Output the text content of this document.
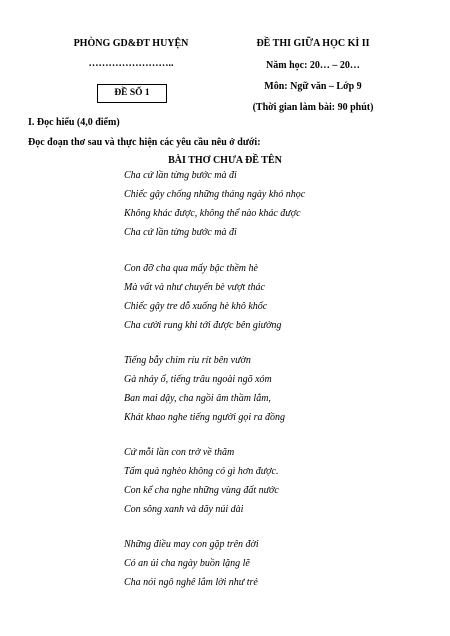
PHÒNG GD&ĐT HUYỆN
……………………..
ĐỀ SỐ 1
ĐỀ THI GIỮA HỌC KÌ II
Năm học: 20… – 20…
Môn: Ngữ văn – Lớp 9
(Thời gian làm bài: 90 phút)
I. Đọc hiểu (4,0 điểm)
Đọc đoạn thơ sau và thực hiện các yêu cầu nêu ở dưới:
BÀI THƠ CHƯA ĐỀ TÊN
Cha cứ lần từng bước mà đi
Chiếc gậy chống những tháng ngày khó nhọc
Không khác được, không thể nào khác được
Cha cứ lần từng bước mà đi
Con đỡ cha qua mấy bậc thềm hè
Mà vất và như chuyến bè vượt thác
Chiếc gậy tre dỗ xuống hè khô khốc
Cha cười rung khi tới được bên giường
Tiếng bẫy chim ríu rít bên vườn
Gà nhảy ổ, tiếng trâu ngoài ngõ xóm
Ban mai dậy, cha ngồi âm thầm lắm,
Khát khao nghe tiếng người gọi ra đồng
Cứ mỗi lần con trở về thăm
Tấm quà nghèo không có gì hơn được.
Con kể cha nghe những vùng đất nước
Con sông xanh và dãy núi dài
Những điều may con gặp trên đời
Có an ủi cha ngày buồn lặng lẽ
Cha nói ngô nghê lắm lời như trẻ
